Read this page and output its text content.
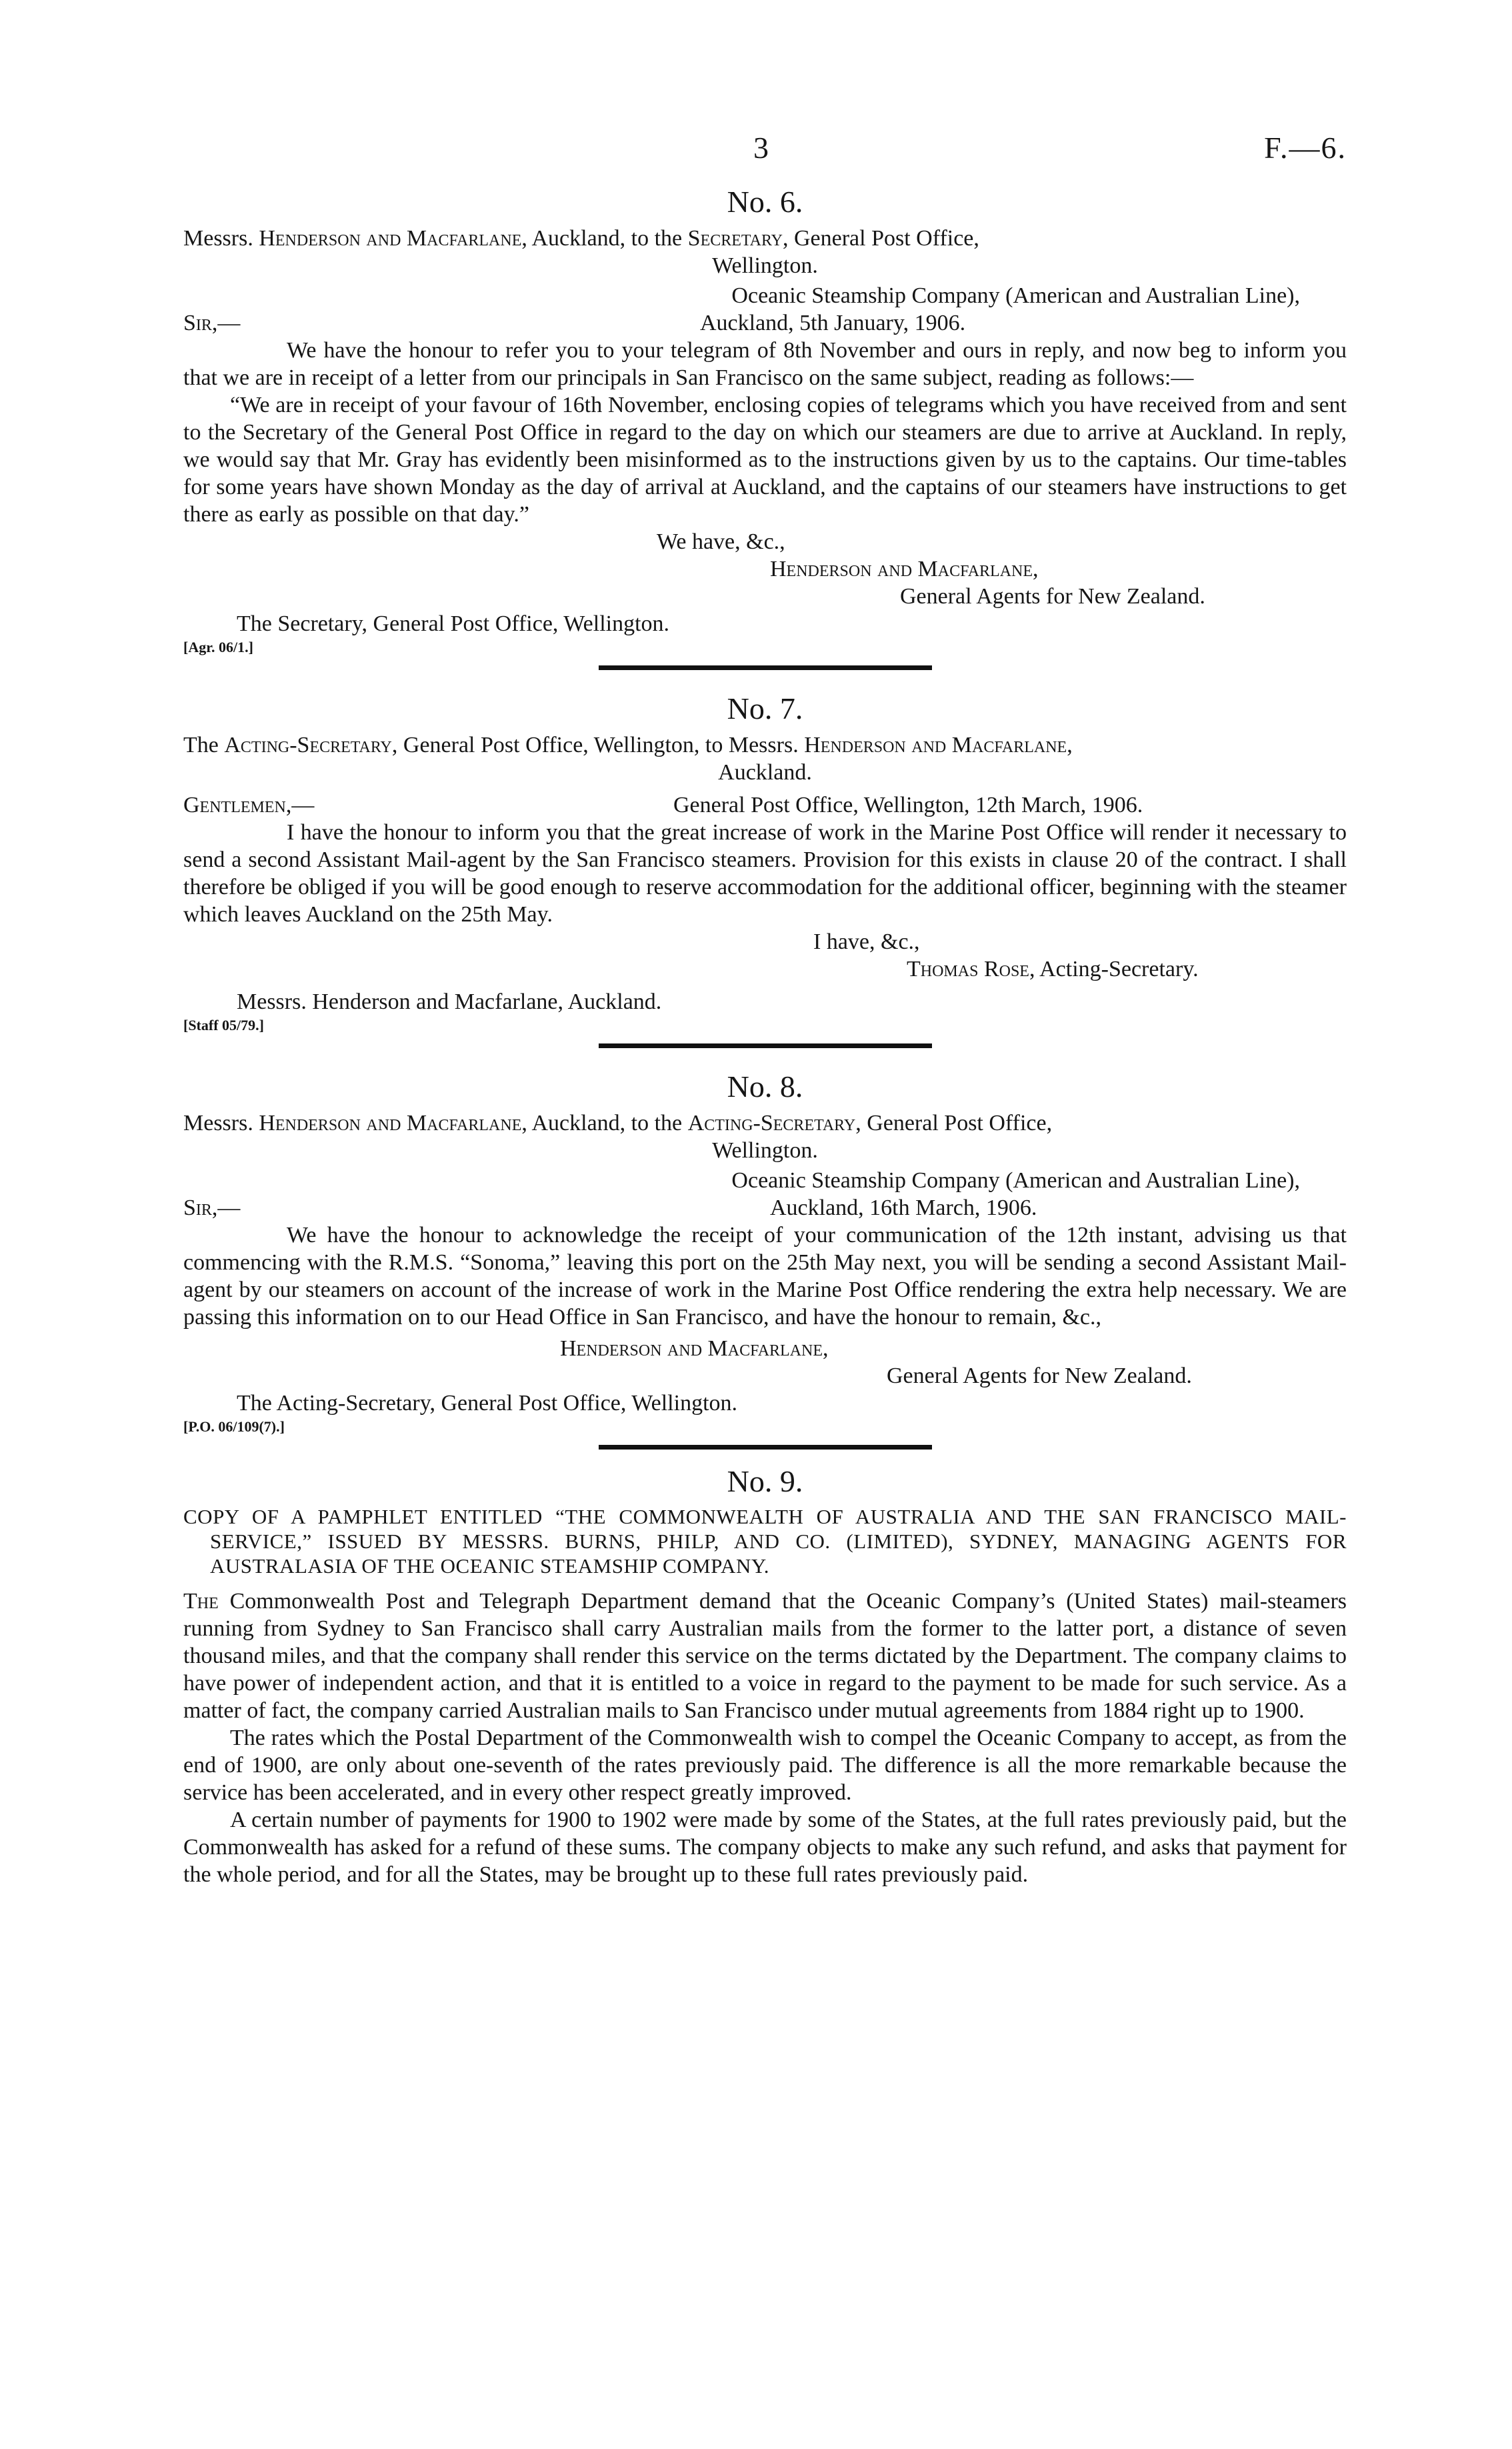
3	F.—6.
No. 6.

Messrs. Henderson and Macfarlane, Auckland, to the Secretary, General Post Office,

Wellington.
Oceanic Steamship Company (American and Australian Line),
Sir,—	Auckland, 5th January, 1906.

We have the honour to refer you to your telegram of 8th November and ours in reply, and now beg to inform you that we are in receipt of a letter from our principals in San Francisco on the same subject, reading as follows:—

“We are in receipt of your favour of 16th November, enclosing copies of telegrams which you have received from and sent to the Secretary of the General Post Office in regard to the day on which our steamers are due to arrive at Auckland. In reply, we would say that Mr. Gray has evidently been misinformed as to the instructions given by us to the captains. Our time-tables for some years have shown Monday as the day of arrival at Auckland, and the captains of our steamers have instructions to get there as early as possible on that day.”

We have, &c.,
Henderson and Macfarlane,
General Agents for New Zealand.
The Secretary, General Post Office, Wellington.
[Agr. 06/1.]
No. 7.

The Acting-Secretary, General Post Office, Wellington, to Messrs. Henderson and Macfarlane,

Auckland.
Gentlemen,—	General Post Office, Wellington, 12th March, 1906.

I have the honour to inform you that the great increase of work in the Marine Post Office will render it necessary to send a second Assistant Mail-agent by the San Francisco steamers. Provision for this exists in clause 20 of the contract. I shall therefore be obliged if you will be good enough to reserve accommodation for the additional officer, beginning with the steamer which leaves Auckland on the 25th May.

I have, &c.,
Thomas Rose, Acting-Secretary.
Messrs. Henderson and Macfarlane, Auckland.
[Staff 05/79.]
No. 8.

Messrs. Henderson and Macfarlane, Auckland, to the Acting-Secretary, General Post Office,

Wellington.
Oceanic Steamship Company (American and Australian Line),
Sir,—	Auckland, 16th March, 1906.

We have the honour to acknowledge the receipt of your communication of the 12th instant, advising us that commencing with the R.M.S. “Sonoma,” leaving this port on the 25th May next, you will be sending a second Assistant Mail-agent by our steamers on account of the increase of work in the Marine Post Office rendering the extra help necessary. We are passing this information on to our Head Office in San Francisco, and have the honour to remain, &c.,

Henderson and Macfarlane,
General Agents for New Zealand.
The Acting-Secretary, General Post Office, Wellington.
[P.O. 06/109(7).]
No. 9.

COPY OF A PAMPHLET ENTITLED “THE COMMONWEALTH OF AUSTRALIA AND THE SAN FRANCISCO MAIL-SERVICE,” ISSUED BY MESSRS. BURNS, PHILP, AND CO. (LIMITED), SYDNEY, MANAGING AGENTS FOR AUSTRALASIA OF THE OCEANIC STEAMSHIP COMPANY.

The Commonwealth Post and Telegraph Department demand that the Oceanic Company’s (United States) mail-steamers running from Sydney to San Francisco shall carry Australian mails from the former to the latter port, a distance of seven thousand miles, and that the company shall render this service on the terms dictated by the Department. The company claims to have power of independent action, and that it is entitled to a voice in regard to the payment to be made for such service. As a matter of fact, the company carried Australian mails to San Francisco under mutual agreements from 1884 right up to 1900.

The rates which the Postal Department of the Commonwealth wish to compel the Oceanic Company to accept, as from the end of 1900, are only about one-seventh of the rates previously paid. The difference is all the more remarkable because the service has been accelerated, and in every other respect greatly improved.

A certain number of payments for 1900 to 1902 were made by some of the States, at the full rates previously paid, but the Commonwealth has asked for a refund of these sums. The company objects to make any such refund, and asks that payment for the whole period, and for all the States, may be brought up to these full rates previously paid.
